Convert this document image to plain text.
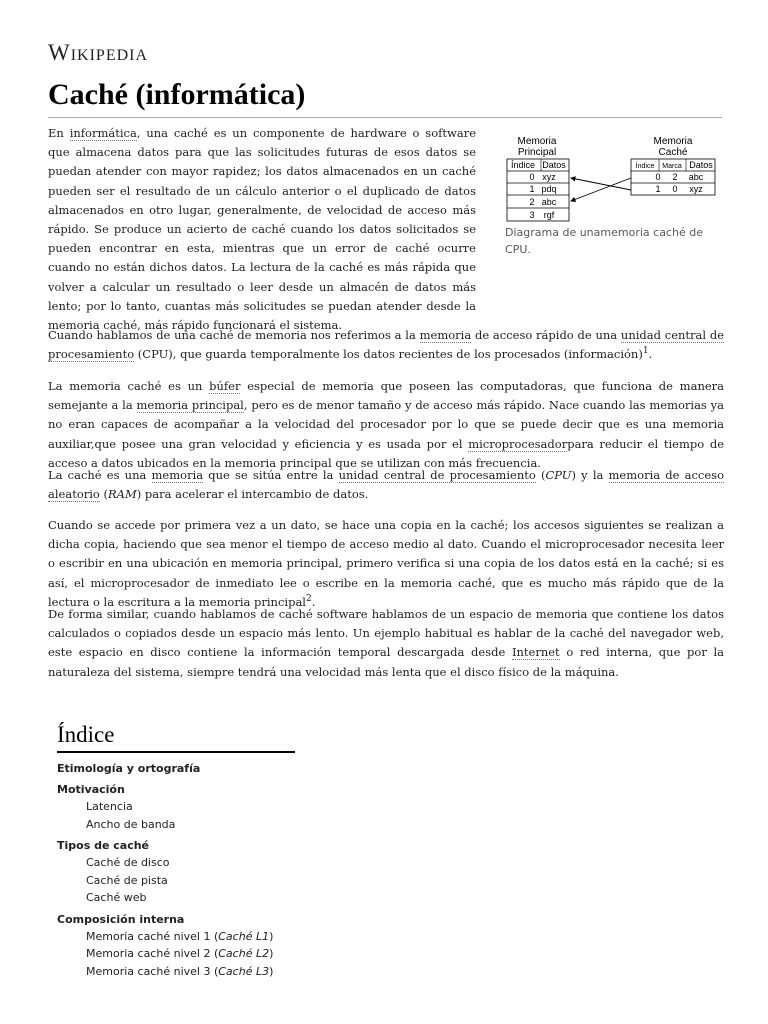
Wikipedia
Caché (informática)

En informática, una caché es un componente de hardware o software que almacena datos para que las solicitudes futuras de esos datos se puedan atender con mayor rapidez; los datos almacenados en un caché pueden ser el resultado de un cálculo anterior o el duplicado de datos almacenados en otro lugar, generalmente, de velocidad de acceso más rápido. Se produce un acierto de caché cuando los datos solicitados se pueden encontrar en esta, mientras que un error de caché ocurre cuando no están dichos datos. La lectura de la caché es más rápida que volver a calcular un resultado o leer desde un almacén de datos más lento; por lo tanto, cuantas más solicitudes se puedan atender desde la memoria caché, más rápido funcionará el sistema.

Memoria
Principal
Memoria
Caché
Índice Datos
0 xyz
1 pdq
2 abc
3 rgf
Índice Marca Datos
0 2 abc
1 0 xyz
Diagrama de unamemoria caché de CPU.

Cuando hablamos de una caché de memoria nos referimos a la memoria de acceso rápido de una unidad central de procesamiento (CPU), que guarda temporalmente los datos recientes de los procesados (información)$^1$.

La memoria caché es un búfer especial de memoria que poseen las computadoras, que funciona de manera semejante a la memoria principal, pero es de menor tamaño y de acceso más rápido. Nace cuando las memorias ya no eran capaces de acompañar a la velocidad del procesador por lo que se puede decir que es una memoria auxiliar,que posee una gran velocidad y eficiencia y es usada por el microprocesadorpara reducir el tiempo de acceso a datos ubicados en la memoria principal que se utilizan con más frecuencia.

La caché es una memoria que se sitúa entre la unidad central de procesamiento (CPU) y la memoria de acceso aleatorio (RAM) para acelerar el intercambio de datos.

Cuando se accede por primera vez a un dato, se hace una copia en la caché; los accesos siguientes se realizan a dicha copia, haciendo que sea menor el tiempo de acceso medio al dato. Cuando el microprocesador necesita leer o escribir en una ubicación en memoria principal, primero verifica si una copia de los datos está en la caché; si es así, el microprocesador de inmediato lee o escribe en la memoria caché, que es mucho más rápido que de la lectura o la escritura a la memoria principal$^2$.

De forma similar, cuando hablamos de caché software hablamos de un espacio de memoria que contiene los datos calculados o copiados desde un espacio más lento. Un ejemplo habitual es hablar de la caché del navegador web, este espacio en disco contiene la información temporal descargada desde Internet o red interna, que por la naturaleza del sistema, siempre tendrá una velocidad más lenta que el disco físico de la máquina.

Índice
Etimología y ortografía
Motivación
Latencia
Ancho de banda
Tipos de caché
Caché de disco
Caché de pista
Caché web
Composición interna
Memoria caché nivel 1 (Caché L1)
Memoria caché nivel 2 (Caché L2)
Memoria caché nivel 3 (Caché L3)
